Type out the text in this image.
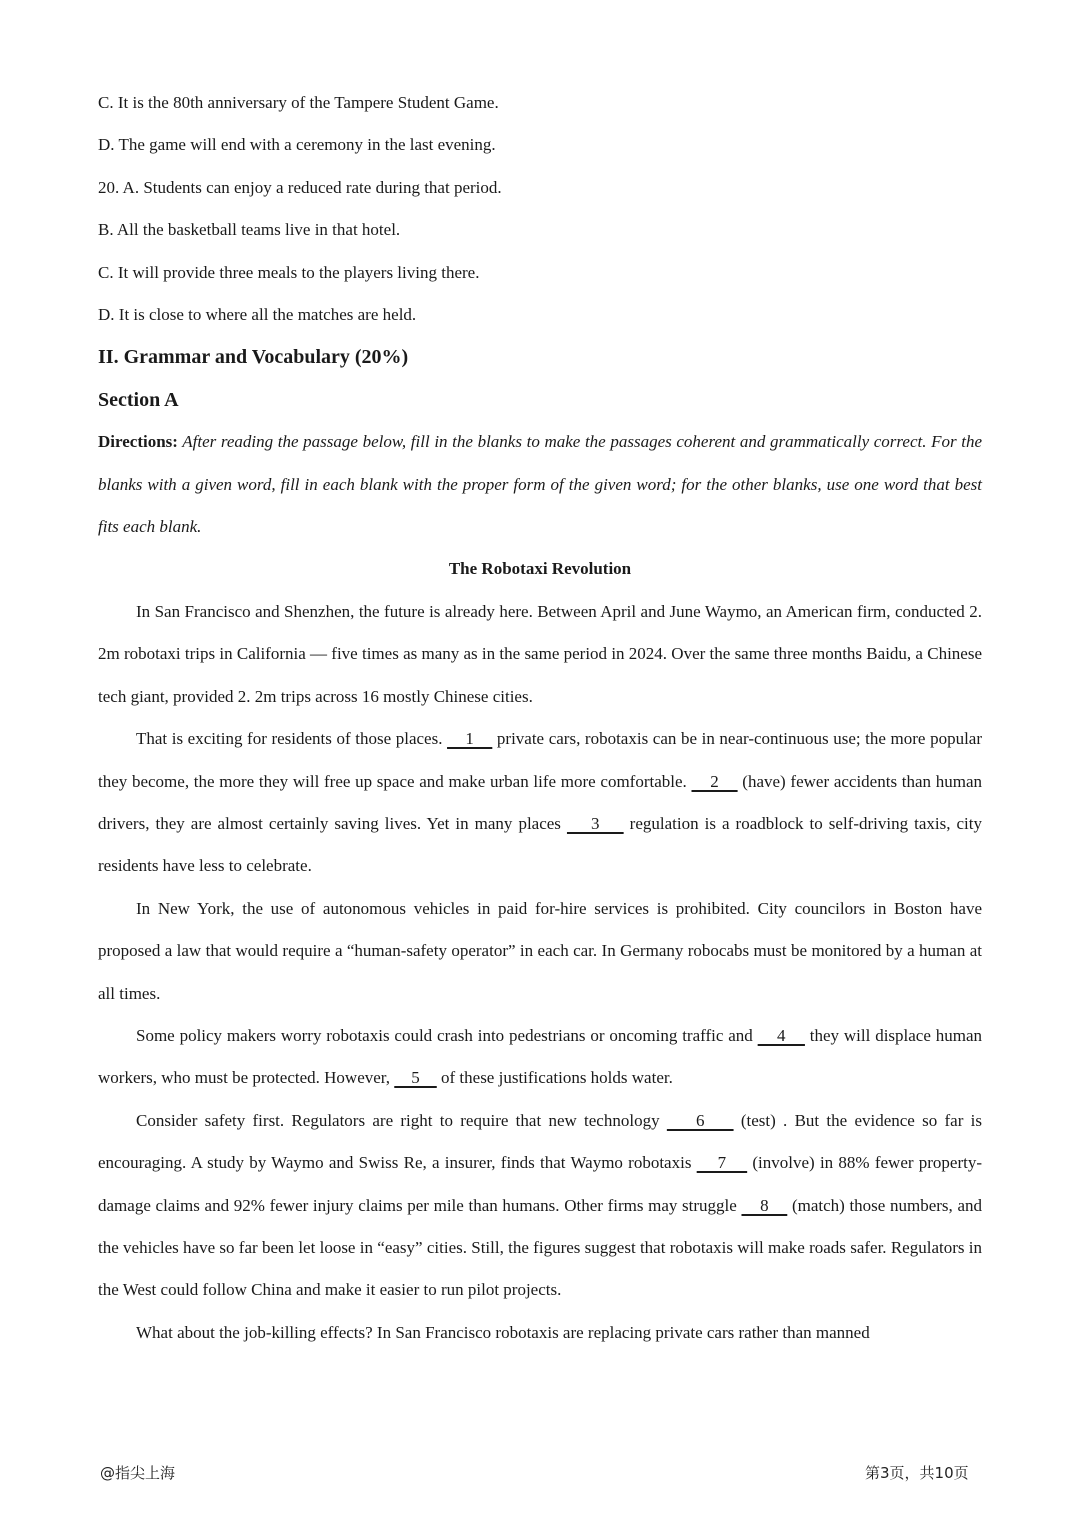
C. It is the 80th anniversary of the Tampere Student Game.

D. The game will end with a ceremony in the last evening.

20. A. Students can enjoy a reduced rate during that period.

B. All the basketball teams live in that hotel.

C. It will provide three meals to the players living there.

D. It is close to where all the matches are held.

II. Grammar and Vocabulary (20%)

Section A

Directions: After reading the passage below, fill in the blanks to make the passages coherent and grammatically correct. For the blanks with a given word, fill in each blank with the proper form of the given word; for the other blanks, use one word that best fits each blank.

The Robotaxi Revolution

In San Francisco and Shenzhen, the future is already here. Between April and June Waymo, an American firm, conducted 2. 2m robotaxi trips in California — five times as many as in the same period in 2024. Over the same three months Baidu, a Chinese tech giant, provided 2. 2m trips across 16 mostly Chinese cities.

That is exciting for residents of those places.     1     private cars, robotaxis can be in near-continuous use; the more popular they become, the more they will free up space and make urban life more comfortable.     2     (have) fewer accidents than human drivers, they are almost certainly saving lives. Yet in many places     3     regulation is a roadblock to self-driving taxis, city residents have less to celebrate.

In New York, the use of autonomous vehicles in paid for-hire services is prohibited. City councilors in Boston have proposed a law that would require a “human-safety operator” in each car. In Germany robocabs must be monitored by a human at all times.

Some policy makers worry robotaxis could crash into pedestrians or oncoming traffic and     4     they will displace human workers, who must be protected. However,     5     of these justifications holds water.

Consider safety first. Regulators are right to require that new technology     6     (test) . But the evidence so far is encouraging. A study by Waymo and Swiss Re, a insurer, finds that Waymo robotaxis     7     (involve) in 88% fewer property-damage claims and 92% fewer injury claims per mile than humans. Other firms may struggle     8     (match) those numbers, and the vehicles have so far been let loose in “easy” cities. Still, the figures suggest that robotaxis will make roads safer. Regulators in the West could follow China and make it easier to run pilot projects.

What about the job-killing effects? In San Francisco robotaxis are replacing private cars rather than manned

@指尖上海	第3页，共10页
